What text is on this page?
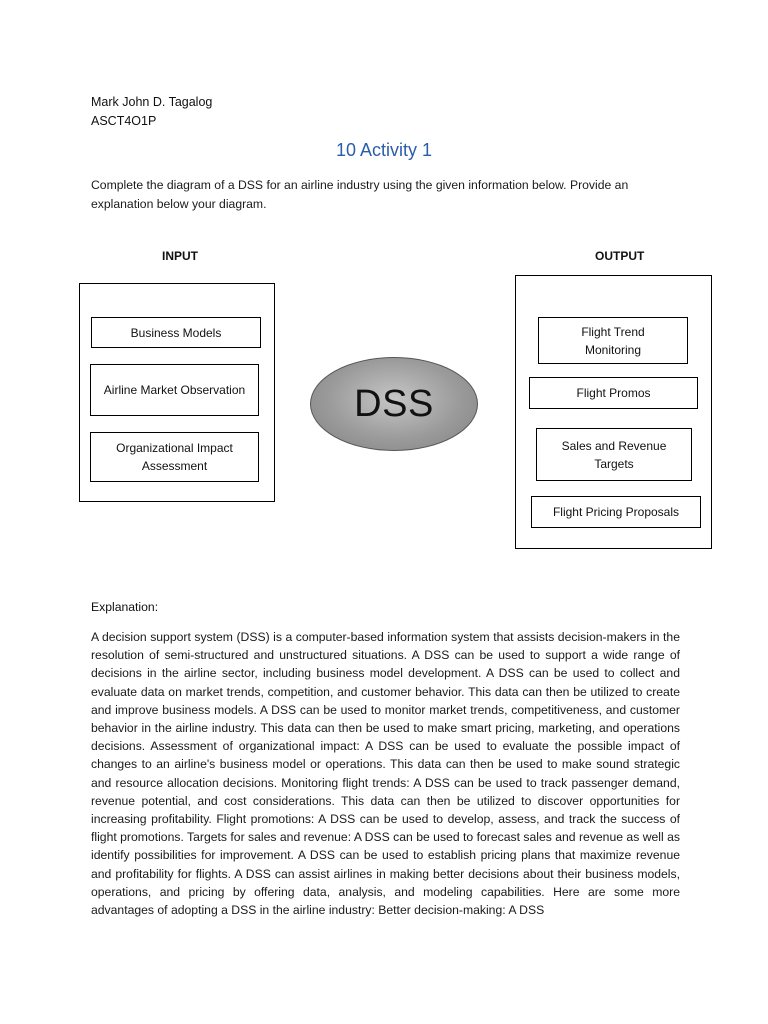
Mark John D. Tagalog
ASCT4O1P
10 Activity 1
Complete the diagram of a DSS for an airline industry using the given information below. Provide an explanation below your diagram.
INPUT	OUTPUT
Business Models
Airline Market Observation
Organizational Impact Assessment
DSS
Flight Trend Monitoring
Flight Promos
Sales and Revenue Targets
Flight Pricing Proposals
Explanation:
A decision support system (DSS) is a computer-based information system that assists decision-makers in the resolution of semi-structured and unstructured situations. A DSS can be used to support a wide range of decisions in the airline sector, including business model development. A DSS can be used to collect and evaluate data on market trends, competition, and customer behavior. This data can then be utilized to create and improve business models. A DSS can be used to monitor market trends, competitiveness, and customer behavior in the airline industry. This data can then be used to make smart pricing, marketing, and operations decisions. Assessment of organizational impact: A DSS can be used to evaluate the possible impact of changes to an airline's business model or operations. This data can then be used to make sound strategic and resource allocation decisions. Monitoring flight trends: A DSS can be used to track passenger demand, revenue potential, and cost considerations. This data can then be utilized to discover opportunities for increasing profitability. Flight promotions: A DSS can be used to develop, assess, and track the success of flight promotions. Targets for sales and revenue: A DSS can be used to forecast sales and revenue as well as identify possibilities for improvement. A DSS can be used to establish pricing plans that maximize revenue and profitability for flights. A DSS can assist airlines in making better decisions about their business models, operations, and pricing by offering data, analysis, and modeling capabilities. Here are some more advantages of adopting a DSS in the airline industry: Better decision-making: A DSS
